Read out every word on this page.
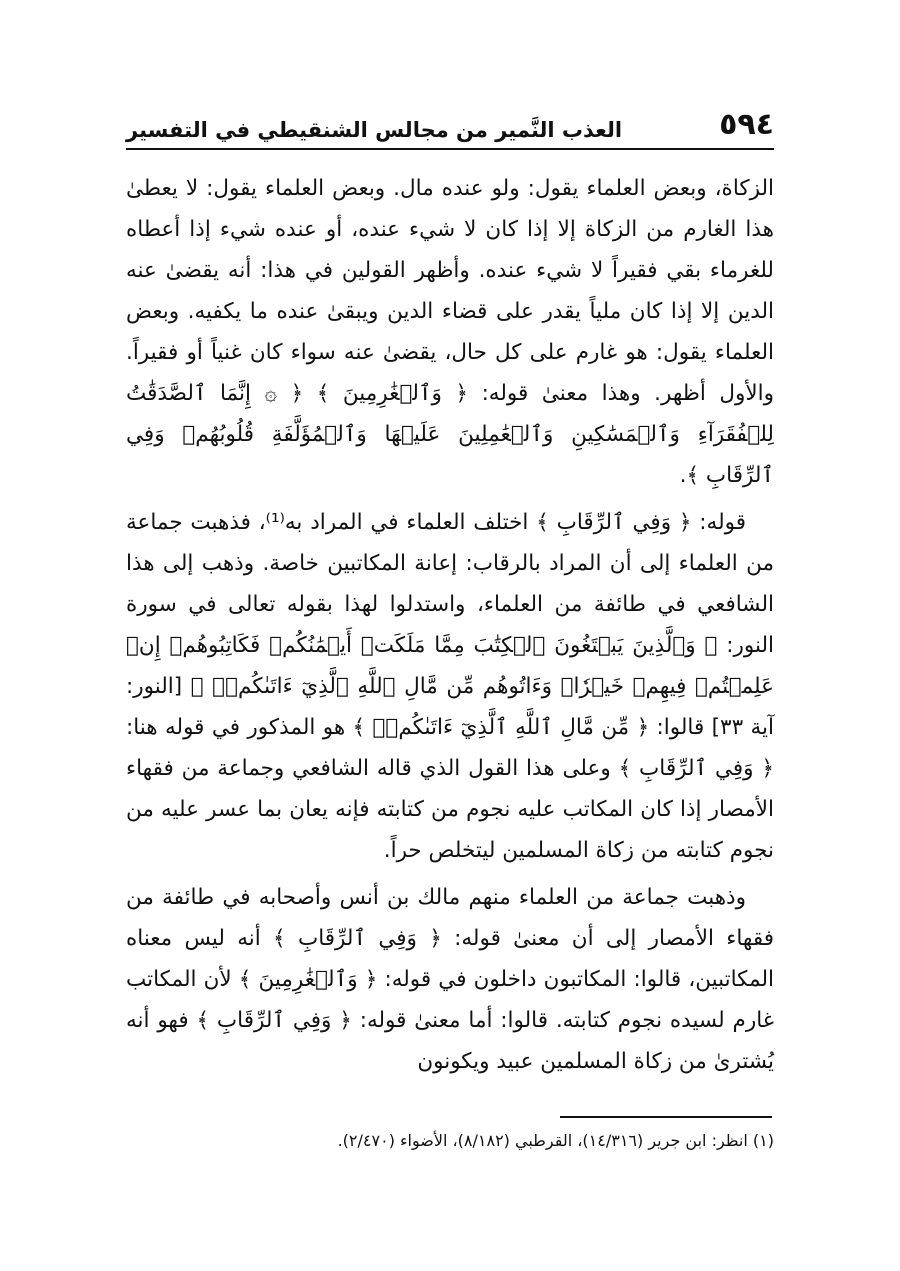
٥٩٤
العذب النَّمير من مجالس الشنقيطي في التفسير

الزكاة، وبعض العلماء يقول: ولو عنده مال. وبعض العلماء يقول: لا يعطىٰ هذا الغارم من الزكاة إلا إذا كان لا شيء عنده، أو عنده شيء إذا أعطاه للغرماء بقي فقيراً لا شيء عنده. وأظهر القولين في هذا: أنه يقضىٰ عنه الدين إلا إذا كان ملياً يقدر على قضاء الدين ويبقىٰ عنده ما يكفيه. وبعض العلماء يقول: هو غارم على كل حال، يقضىٰ عنه سواء كان غنياً أو فقيراً. والأول أظهر. وهذا معنىٰ قوله: ﴿ وَٱلۡغَٰرِمِينَ ﴾ ﴿ ۞ إِنَّمَا ٱلصَّدَقَٰتُ لِلۡفُقَرَآءِ وَٱلۡمَسَٰكِينِ وَٱلۡعَٰمِلِينَ عَلَيۡهَا وَٱلۡمُؤَلَّفَةِ قُلُوبُهُمۡ وَفِي ٱلرِّقَابِ ﴾.

قوله: ﴿ وَفِي ٱلرِّقَابِ ﴾ اختلف العلماء في المراد به⁽¹⁾، فذهبت جماعة من العلماء إلى أن المراد بالرقاب: إعانة المكاتبين خاصة. وذهب إلى هذا الشافعي في طائفة من العلماء، واستدلوا لهذا بقوله تعالى في سورة النور: ﴿ وَٱلَّذِينَ يَبۡتَغُونَ ٱلۡكِتَٰبَ مِمَّا مَلَكَتۡ أَيۡمَٰنُكُمۡ فَكَاتِبُوهُمۡ إِنۡ عَلِمۡتُمۡ فِيهِمۡ خَيۡرٗاۖ وَءَاتُوهُم مِّن مَّالِ ٱللَّهِ ٱلَّذِيٓ ءَاتَىٰكُمۡۚ ﴾ [النور: آية ٣٣] قالوا: ﴿ مِّن مَّالِ ٱللَّهِ ٱلَّذِيٓ ءَاتَىٰكُمۡۚ ﴾ هو المذكور في قوله هنا: ﴿ وَفِي ٱلرِّقَابِ ﴾ وعلى هذا القول الذي قاله الشافعي وجماعة من فقهاء الأمصار إذا كان المكاتب عليه نجوم من كتابته فإنه يعان بما عسر عليه من نجوم كتابته من زكاة المسلمين ليتخلص حراً.

وذهبت جماعة من العلماء منهم مالك بن أنس وأصحابه في طائفة من فقهاء الأمصار إلى أن معنىٰ قوله: ﴿ وَفِي ٱلرِّقَابِ ﴾ أنه ليس معناه المكاتبين، قالوا: المكاتبون داخلون في قوله: ﴿ وَٱلۡغَٰرِمِينَ ﴾ لأن المكاتب غارم لسيده نجوم كتابته. قالوا: أما معنىٰ قوله: ﴿ وَفِي ٱلرِّقَابِ ﴾ فهو أنه يُشترىٰ من زكاة المسلمين عبيد ويكونون

(١) انظر: ابن جرير (١٤/٣١٦)، القرطبي (٨/١٨٢)، الأضواء (٢/٤٧٠).
